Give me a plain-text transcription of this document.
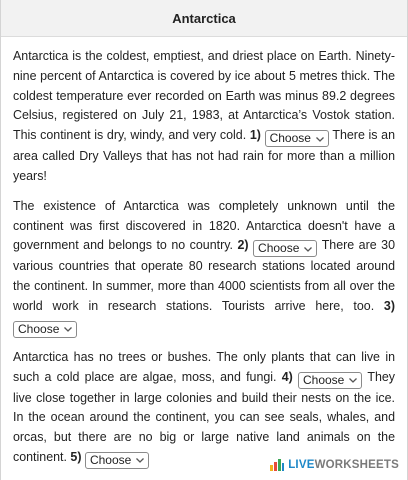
Antarctica

Antarctica is the coldest, emptiest, and driest place on Earth. Ninety-nine percent of Antarctica is covered by ice about 5 metres thick. The coldest temperature ever recorded on Earth was minus 89.2 degrees Celsius, registered on July 21, 1983, at Antarctica’s Vostok station. This continent is dry, windy, and very cold. 1) Choose There is an area called Dry Valleys that has not had rain for more than a million years!

The existence of Antarctica was completely unknown until the continent was first discovered in 1820. Antarctica doesn't have a government and belongs to no country. 2) Choose There are 30 various countries that operate 80 research stations located around the continent. In summer, more than 4000 scientists from all over the world work in research stations. Tourists arrive here, too. 3)
Choose

Antarctica has no trees or bushes. The only plants that can live in such a cold place are algae, moss, and fungi. 4) Choose They live close together in large colonies and build their nests on the ice. In the ocean around the continent, you can see seals, whales, and orcas, but there are no big or large native land animals on the continent. 5) Choose	LIVE WORKSHEETS
